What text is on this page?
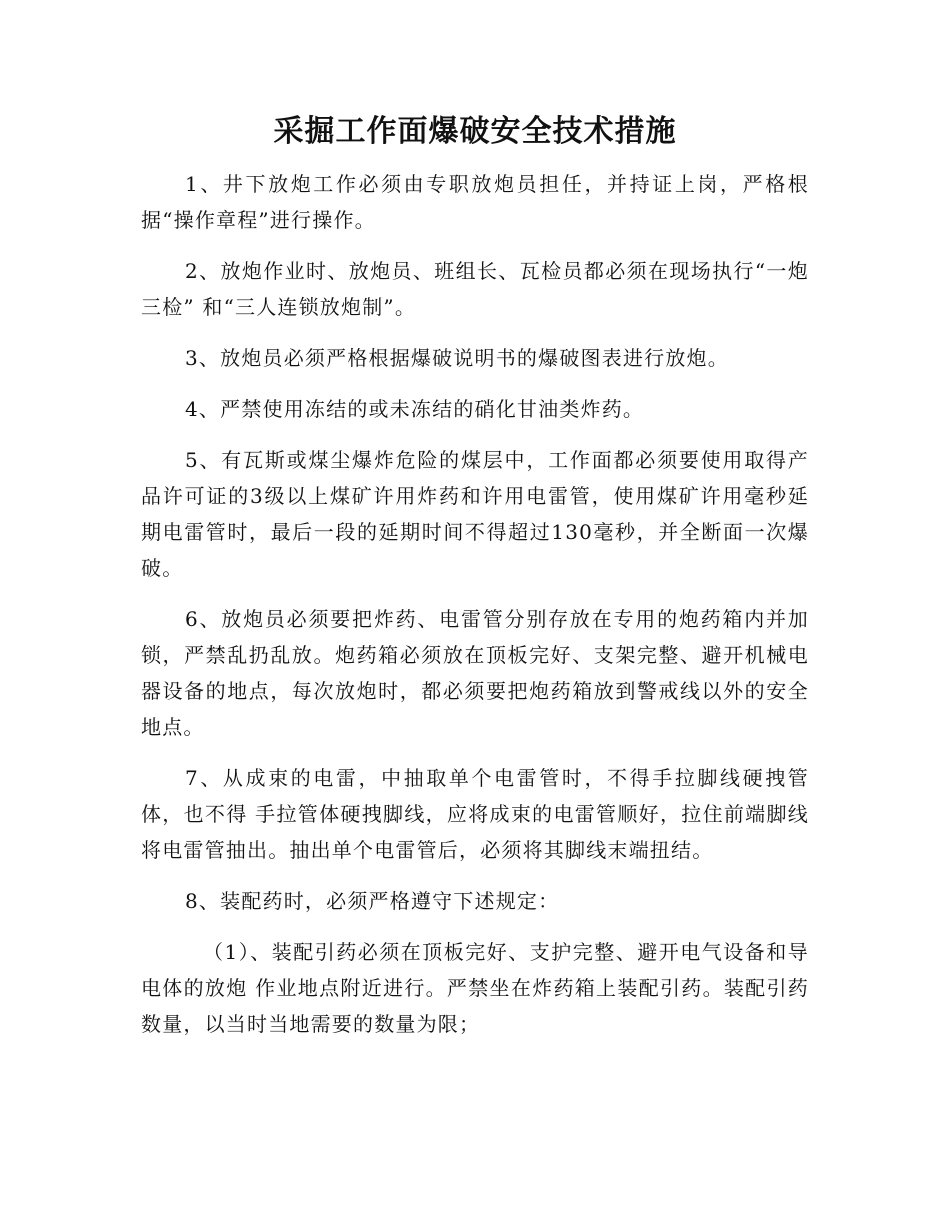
采掘工作面爆破安全技术措施

1、井下放炮工作必须由专职放炮员担任，并持证上岗，严格根据“操作章程”进行操作。

2、放炮作业时、放炮员、班组长、瓦检员都必须在现场执行“一炮三检” 和“三人连锁放炮制”。

3、放炮员必须严格根据爆破说明书的爆破图表进行放炮。

4、严禁使用冻结的或未冻结的硝化甘油类炸药。

5、有瓦斯或煤尘爆炸危险的煤层中，工作面都必须要使用取得产品许可证的3级以上煤矿许用炸药和许用电雷管，使用煤矿许用毫秒延期电雷管时，最后一段的延期时间不得超过130毫秒，并全断面一次爆破。

6、放炮员必须要把炸药、电雷管分别存放在专用的炮药箱内并加锁，严禁乱扔乱放。炮药箱必须放在顶板完好、支架完整、避开机械电器设备的地点，每次放炮时，都必须要把炮药箱放到警戒线以外的安全地点。

7、从成束的电雷，中抽取单个电雷管时，不得手拉脚线硬拽管体，也不得 手拉管体硬拽脚线，应将成束的电雷管顺好，拉住前端脚线将电雷管抽出。抽出单个电雷管后，必须将其脚线末端扭结。

8、装配药时，必须严格遵守下述规定：

（1）、装配引药必须在顶板完好、支护完整、避开电气设备和导电体的放炮 作业地点附近进行。严禁坐在炸药箱上装配引药。装配引药数量，以当时当地需要的数量为限；
